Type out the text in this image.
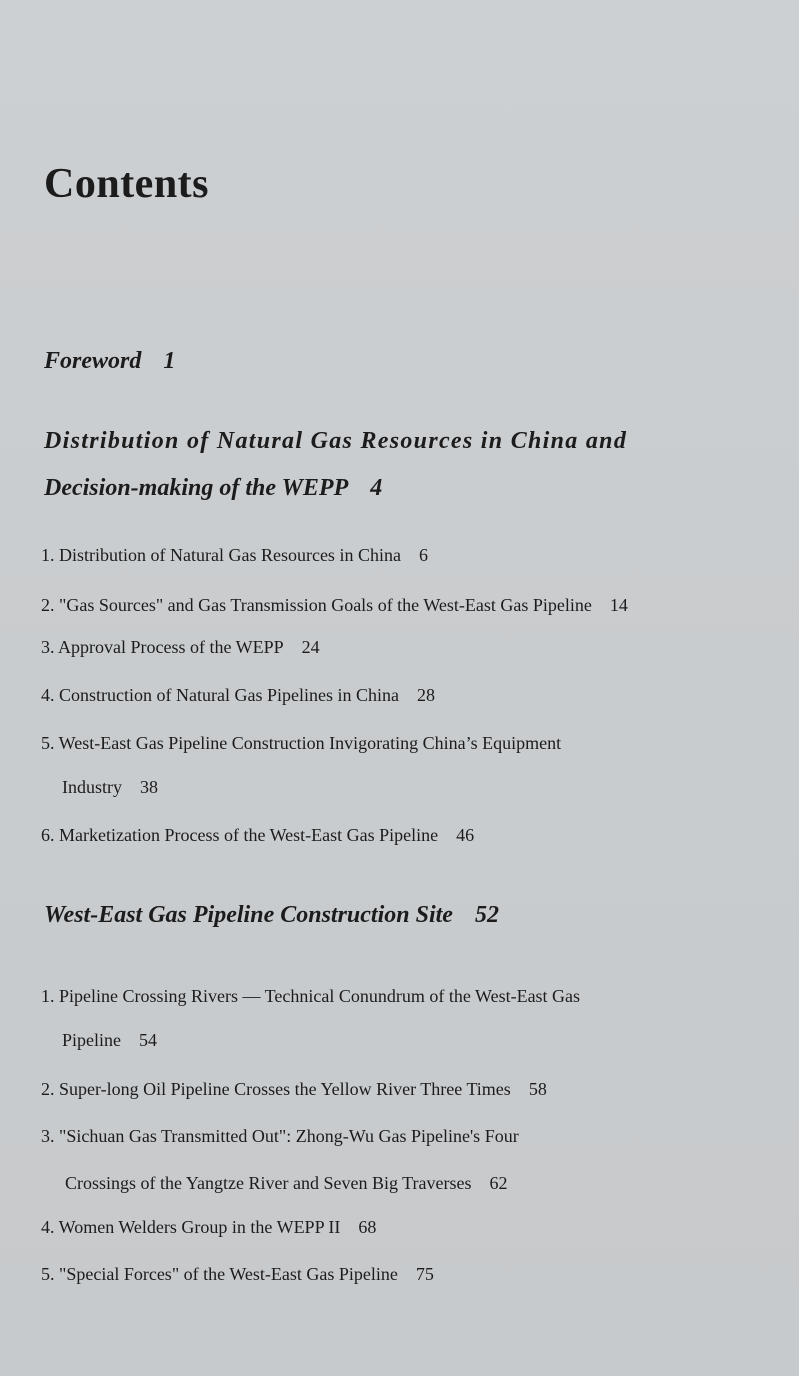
Contents
Foreword 1
Distribution of Natural Gas Resources in China and
Decision-making of the WEPP 4
1. Distribution of Natural Gas Resources in China 6
2. "Gas Sources" and Gas Transmission Goals of the West-East Gas Pipeline 14
3. Approval Process of the WEPP 24
4. Construction of Natural Gas Pipelines in China 28
5. West-East Gas Pipeline Construction Invigorating China’s Equipment
Industry 38
6. Marketization Process of the West-East Gas Pipeline 46
West-East Gas Pipeline Construction Site 52
1. Pipeline Crossing Rivers — Technical Conundrum of the West-East Gas
Pipeline 54
2. Super-long Oil Pipeline Crosses the Yellow River Three Times 58
3. "Sichuan Gas Transmitted Out": Zhong-Wu Gas Pipeline's Four
Crossings of the Yangtze River and Seven Big Traverses 62
4. Women Welders Group in the WEPP II 68
5. "Special Forces" of the West-East Gas Pipeline 75
